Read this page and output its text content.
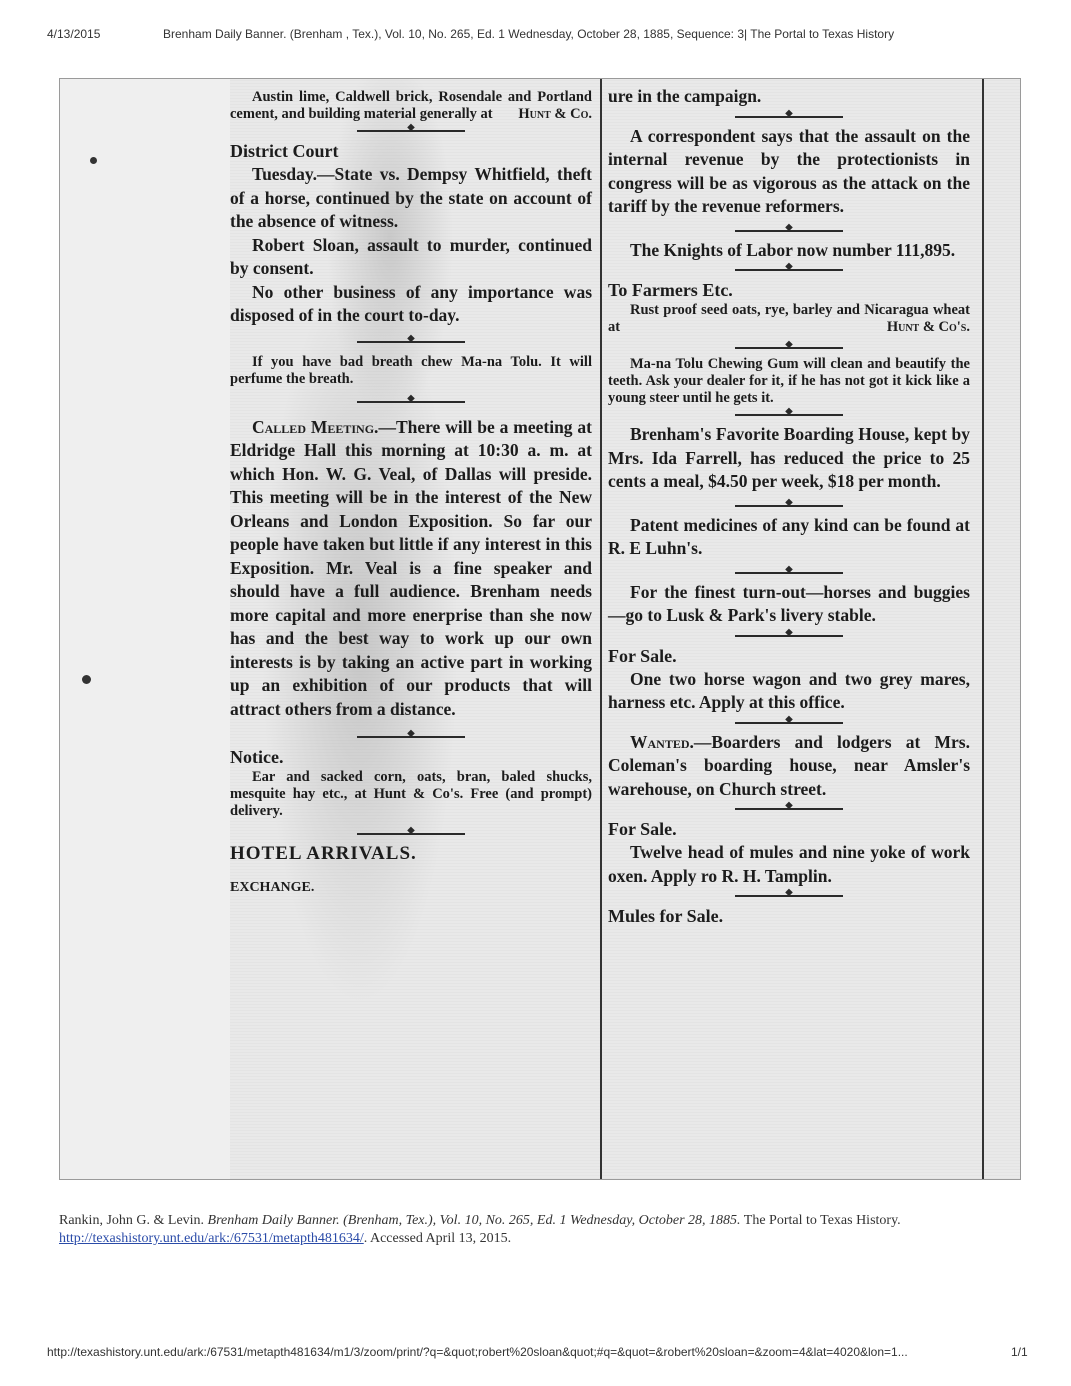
4/13/2015	Brenham Daily Banner. (Brenham , Tex.), Vol. 10, No. 265, Ed. 1 Wednesday, October 28, 1885, Sequence: 3| The Portal to Texas History

Austin lime, Caldwell brick, Rosendale and Portland cement, and building material generally at	Hunt & Co.

◆

District Court

Tuesday.—State vs. Dempsy Whitfield, theft of a horse, continued by the state on account of the absence of witness.

Robert Sloan, assault to murder, continued by consent.

No other business of any importance was disposed of in the court to-day.

◆

If you have bad breath chew Ma-na Tolu. It will perfume the breath.

◆

Called Meeting.—There will be a meeting at Eldridge Hall this morning at 10:30 a. m. at which Hon. W. G. Veal, of Dallas will preside. This meeting will be in the interest of the New Orleans and London Exposition. So far our people have taken but little if any interest in this Exposition. Mr. Veal is a fine speaker and should have a full audience. Brenham needs more capital and more enerprise than she now has and the best way to work up our own interests is by taking an active part in working up an exhibition of our products that will attract others from a distance.

◆

Notice.

Ear and sacked corn, oats, bran, baled shucks, mesquite hay etc., at Hunt & Co's. Free (and prompt) delivery.

◆

HOTEL ARRIVALS.

EXCHANGE.

ure in the campaign.

◆

A correspondent says that the assault on the internal revenue by the protectionists in congress will be as vigorous as the attack on the tariff by the revenue reformers.

◆

The Knights of Labor now number 111,895.

◆

To Farmers Etc.

Rust proof seed oats, rye, barley and Nicaragua wheat at	Hunt & Co's.

◆

Ma-na Tolu Chewing Gum will clean and beautify the teeth. Ask your dealer for it, if he has not got it kick like a young steer until he gets it.

◆

Brenham's Favorite Boarding House, kept by Mrs. Ida Farrell, has reduced the price to 25 cents a meal, $4.50 per week, $18 per month.

◆

Patent medicines of any kind can be found at R. E Luhn's.

◆

For the finest turn-out—horses and buggies—go to Lusk & Park's livery stable.

◆

For Sale.

One two horse wagon and two grey mares, harness etc. Apply at this office.

◆

Wanted.—Boarders and lodgers at Mrs. Coleman's boarding house, near Amsler's warehouse, on Church street.

◆

For Sale.

Twelve head of mules and nine yoke of work oxen. Apply ro R. H. Tamplin.

◆

Mules for Sale.

Rankin, John G. & Levin. Brenham Daily Banner. (Brenham, Tex.), Vol. 10, No. 265, Ed. 1 Wednesday, October 28, 1885. The Portal to Texas History. http://texashistory.unt.edu/ark:/67531/metapth481634/. Accessed April 13, 2015.
http://texashistory.unt.edu/ark:/67531/metapth481634/m1/3/zoom/print/?q=&quot;robert%20sloan&quot;#q=&quot=&robert%20sloan=&zoom=4&lat=4020&lon=1...	1/1
